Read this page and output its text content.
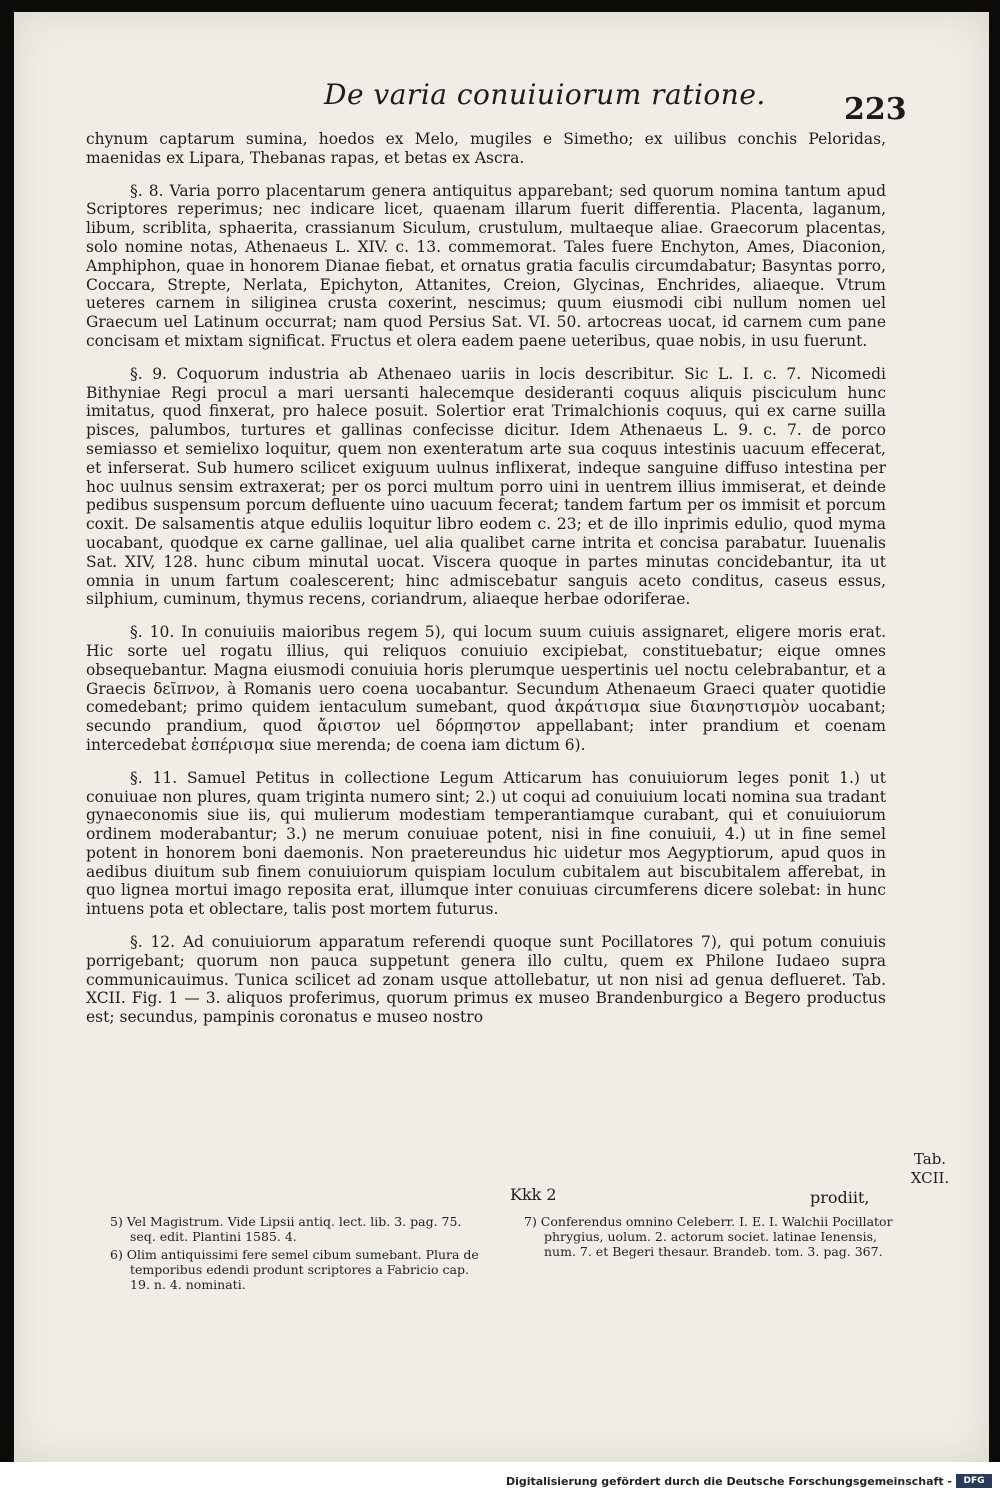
De varia conuiuiorum ratione.	223

chynum captarum sumina, hoedos ex Melo, mugiles e Simetho; ex uilibus conchis Peloridas, maenidas ex Lipara, Thebanas rapas, et betas ex Ascra.

§. 8. Varia porro placentarum genera antiquitus apparebant; sed quorum nomina tantum apud Scriptores reperimus; nec indicare licet, quaenam illarum fuerit differentia. Placenta, laganum, libum, scriblita, sphaerita, crassianum Siculum, crustulum, multaeque aliae. Graecorum placentas, solo nomine notas, Athenaeus L. XIV. c. 13. commemorat. Tales fuere Enchyton, Ames, Diaconion, Amphiphon, quae in honorem Dianae fiebat, et ornatus gratia faculis circumdabatur; Basyntas porro, Coccara, Strepte, Nerlata, Epichyton, Attanites, Creion, Glycinas, Enchrides, aliaeque. Vtrum ueteres carnem in siliginea crusta coxerint, nescimus; quum eiusmodi cibi nullum nomen uel Graecum uel Latinum occurrat; nam quod Persius Sat. VI. 50. artocreas uocat, id carnem cum pane concisam et mixtam significat. Fructus et olera eadem paene ueteribus, quae nobis, in usu fuerunt.

§. 9. Coquorum industria ab Athenaeo uariis in locis describitur. Sic L. I. c. 7. Nicomedi Bithyniae Regi procul a mari uersanti halecemque desideranti coquus aliquis pisciculum hunc imitatus, quod finxerat, pro halece posuit. Solertior erat Trimalchionis coquus, qui ex carne suilla pisces, palumbos, turtures et gallinas confecisse dicitur. Idem Athenaeus L. 9. c. 7. de porco semiasso et semielixo loquitur, quem non exenteratum arte sua coquus intestinis uacuum effecerat, et inferserat. Sub humero scilicet exiguum uulnus inflixerat, indeque sanguine diffuso intestina per hoc uulnus sensim extraxerat; per os porci multum porro uini in uentrem illius immiserat, et deinde pedibus suspensum porcum defluente uino uacuum fecerat; tandem fartum per os immisit et porcum coxit. De salsamentis atque eduliis loquitur libro eodem c. 23; et de illo inprimis edulio, quod myma uocabant, quodque ex carne gallinae, uel alia qualibet carne intrita et concisa parabatur. Iuuenalis Sat. XIV, 128. hunc cibum minutal uocat. Viscera quoque in partes minutas concidebantur, ita ut omnia in unum fartum coalescerent; hinc admiscebatur sanguis aceto conditus, caseus essus, silphium, cuminum, thymus recens, coriandrum, aliaeque herbae odoriferae.

§. 10. In conuiuiis maioribus regem 5), qui locum suum cuiuis assignaret, eligere moris erat. Hic sorte uel rogatu illius, qui reliquos conuiuio excipiebat, constituebatur; eique omnes obsequebantur. Magna eiusmodi conuiuia horis plerumque uespertinis uel noctu celebrabantur, et a Graecis δεῖπνον, à Romanis uero coena uocabantur. Secundum Athenaeum Graeci quater quotidie comedebant; primo quidem ientaculum sumebant, quod ἀκράτισμα siue διανηστισμὸν uocabant; secundo prandium, quod ἄριστον uel δόρπηστον appellabant; inter prandium et coenam intercedebat ἑσπέρισμα siue merenda; de coena iam dictum 6).

§. 11. Samuel Petitus in collectione Legum Atticarum has conuiuiorum leges ponit 1.) ut conuiuae non plures, quam triginta numero sint; 2.) ut coqui ad conuiuium locati nomina sua tradant gynaeconomis siue iis, qui mulierum modestiam temperantiamque curabant, qui et conuiuiorum ordinem moderabantur; 3.) ne merum conuiuae potent, nisi in fine conuiuii, 4.) ut in fine semel potent in honorem boni daemonis. Non praetereundus hic uidetur mos Aegyptiorum, apud quos in aedibus diuitum sub finem conuiuiorum quispiam loculum cubitalem aut biscubitalem afferebat, in quo lignea mortui imago reposita erat, illumque inter conuiuas circumferens dicere solebat: in hunc intuens pota et oblectare, talis post mortem futurus.

§. 12. Ad conuiuiorum apparatum referendi quoque sunt Pocillatores 7), qui potum conuiuis porrigebant; quorum non pauca suppetunt genera illo cultu, quem ex Philone Iudaeo supra communicauimus. Tunica scilicet ad zonam usque attollebatur, ut non nisi ad genua deflueret. Tab. XCII. Fig. 1 — 3. aliquos proferimus, quorum primus ex museo Brandenburgico a Begero productus est; secundus, pampinis coronatus e museo nostro

Tab.
XCII.
Kkk 2	prodiit,

5) Vel Magistrum. Vide Lipsii antiq. lect. lib. 3. pag. 75. seq. edit. Plantini 1585. 4.

6) Olim antiquissimi fere semel cibum sumebant. Plura de temporibus edendi produnt scriptores a Fabricio cap. 19. n. 4. nominati.

7) Conferendus omnino Celeberr. I. E. I. Walchii Pocillator phrygius, uolum. 2. actorum societ. latinae Ienensis, num. 7. et Begeri thesaur. Brandeb. tom. 3. pag. 367.

Digitalisierung gefördert durch die Deutsche Forschungsgemeinschaft -	DFG
